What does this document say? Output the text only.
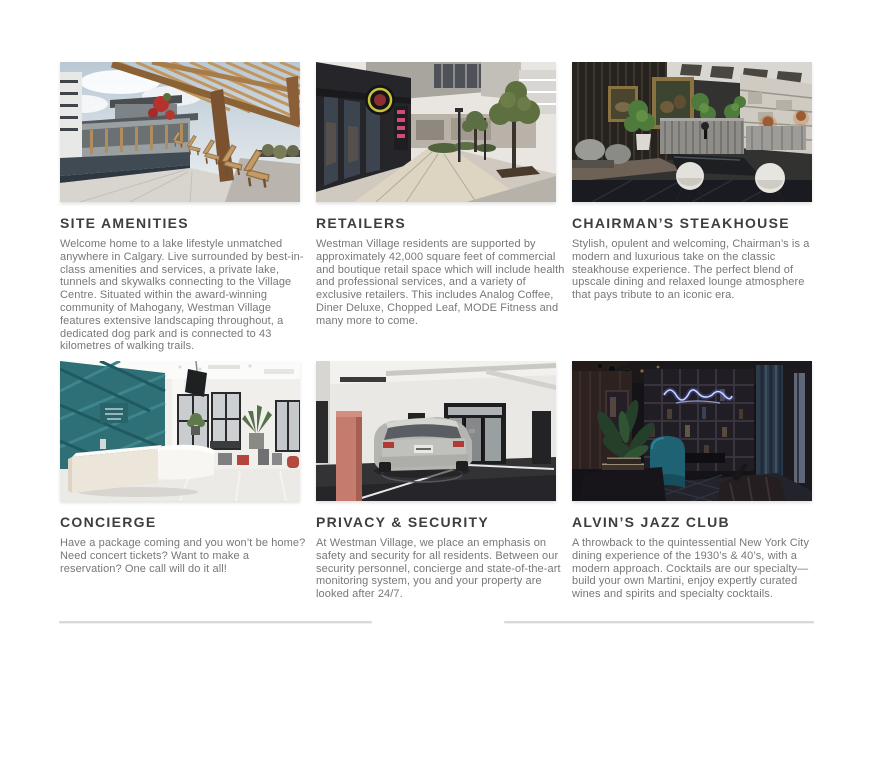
SITE AMENITIES

Welcome home to a lake lifestyle unmatched anywhere in Calgary. Live surrounded by best-in-class amenities and services, a private lake, tunnels and skywalks connecting to the Village Centre. Situated within the award-winning community of Mahogany, Westman Village features extensive landscaping throughout, a dedicated dog park and is connected to 43 kilometres of walking trails.

RETAILERS

Westman Village residents are supported by approximately 42,000 square feet of commercial and boutique retail space which will include health and professional services, and a variety of exclusive retailers. This includes Analog Coffee, Diner Deluxe, Chopped Leaf, MODE Fitness and many more to come.

CHAIRMAN’S STEAKHOUSE

Stylish, opulent and welcoming, Chairman’s is a modern and luxurious take on the classic steakhouse experience. The perfect blend of upscale dining and relaxed lounge atmosphere that pays tribute to an iconic era.

CONCIERGE

Have a package coming and you won’t be home? Need concert tickets? Want to make a reservation? One call will do it all!

PRIVACY & SECURITY

At Westman Village, we place an emphasis on safety and security for all residents. Between our security personnel, concierge and state-of-the-art monitoring system, you and your property are looked after 24/7.

ALVIN’S JAZZ CLUB

A throwback to the quintessential New York City dining experience of the 1930’s & 40’s, with a modern approach. Cocktails are our specialty—build your own Martini, enjoy expertly curated wines and spirits and specialty cocktails.
